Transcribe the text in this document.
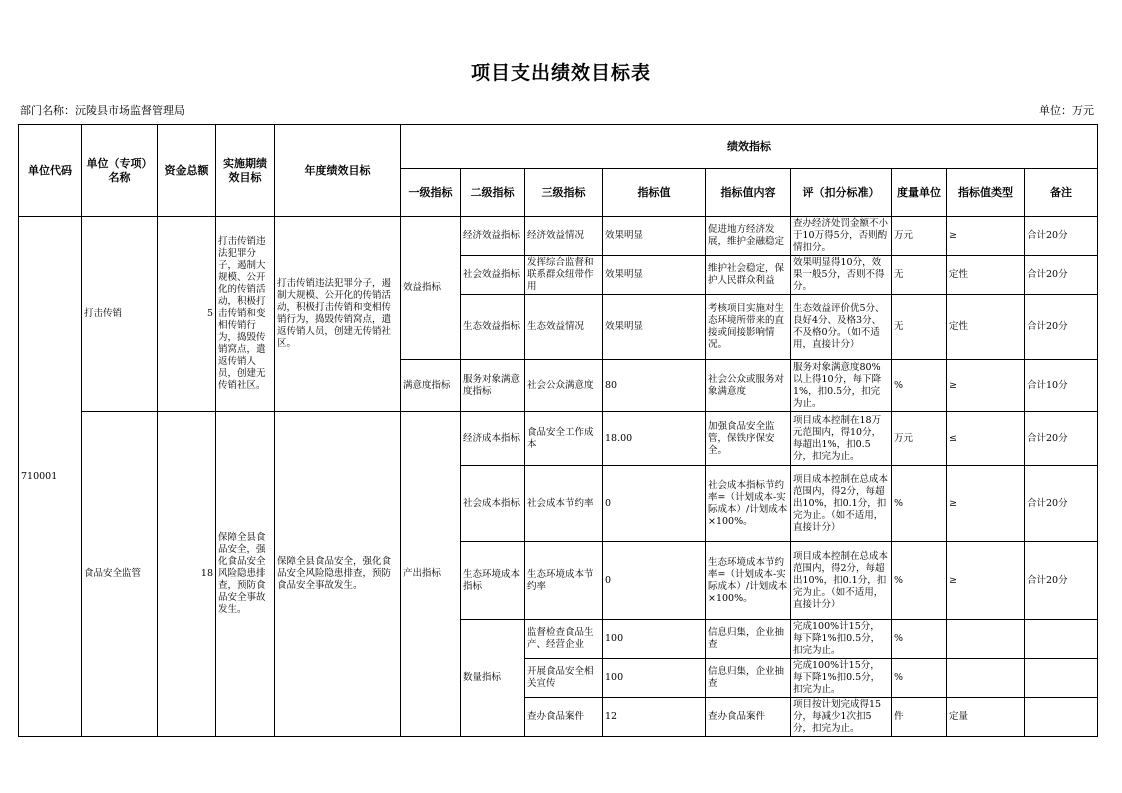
项目支出绩效目标表
部门名称：沅陵县市场监督管理局	单位：万元
单位代码	单位（专项）名称	资金总额	实施期绩效目标	年度绩效目标	绩效指标								
					一级指标	二级指标	三级指标	指标值	指标值内容	评（扣分标准）	度量单位	指标值类型	备注
710001	打击传销	5	打击传销违法犯罪分子，遏制大规模、公开化的传销活动，积极打击传销和变相传销行为，捣毁传销窝点，遣返传销人员，创建无传销社区。	打击传销违法犯罪分子，遏制大规模、公开化的传销活动，积极打击传销和变相传销行为，捣毁传销窝点，遣返传销人员，创建无传销社区。	效益指标	经济效益指标	经济效益情况	效果明显	促进地方经济发展，维护金融稳定	查办经济处罚金额不小于10万得5分，否则酌情扣分。	万元	≥	合计20分
						社会效益指标	发挥综合监督和联系群众纽带作用	效果明显	维护社会稳定，保护人民群众利益	效果明显得10分，效果一般5分，否则不得分。	无	定性	合计20分
						生态效益指标	生态效益情况	效果明显	考核项目实施对生态环境所带来的直接或间接影响情况。	生态效益评价优5分、良好4分、及格3分、不及格0分。（如不适用，直接计分）	无	定性	合计20分
					满意度指标	服务对象满意度指标	社会公众满意度	80	社会公众或服务对象满意度	服务对象满意度80%以上得10分，每下降1%，扣0.5分，扣完为止。	%	≥	合计10分
	食品安全监管	18	保障全县食品安全，强化食品安全风险隐患排查，预防食品安全事故发生。	保障全县食品安全，强化食品安全风险隐患排查，预防食品安全事故发生。	产出指标	经济成本指标	食品安全工作成本	18.00	加强食品安全监管，保铁序保安全。	项目成本控制在18万元范围内，得10分，每超出1%，扣0.5分，扣完为止。	万元	≤	合计20分
						社会成本指标	社会成本节约率	0	社会成本指标节约率=（计划成本-实际成本）/计划成本×100%。	项目成本控制在总成本范围内，得2分，每超出10%，扣0.1分，扣完为止。（如不适用，直接计分）	%	≥	合计20分
						生态环境成本指标	生态环境成本节约率	0	生态环境成本节约率=（计划成本-实际成本）/计划成本×100%。	项目成本控制在总成本范围内，得2分，每超出10%，扣0.1分，扣完为止。（如不适用，直接计分）	%	≥	合计20分
						数量指标	监督检查食品生产、经营企业	100	信息归集，企业抽查	完成100%计15分，每下降1%扣0.5分，扣完为止。	%		
							开展食品安全相关宣传	100	信息归集，企业抽查	完成100%计15分，每下降1%扣0.5分，扣完为止。	%		
							查办食品案件	12	查办食品案件	项目按计划完成得15分，每减少1次扣5分，扣完为止。	件	定量	
